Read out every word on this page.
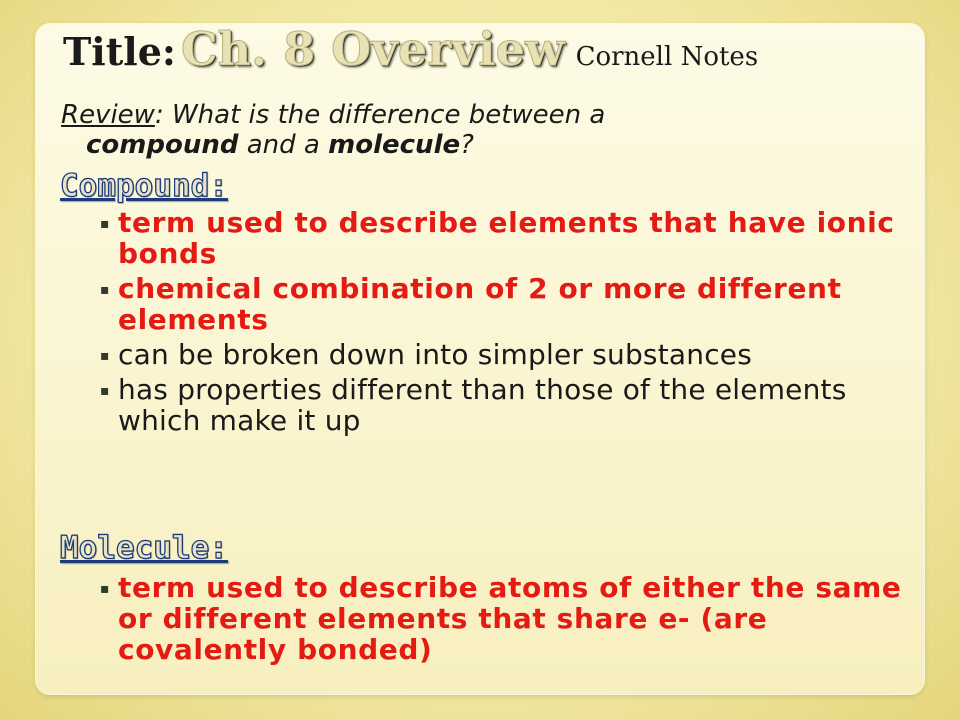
Title: Ch. 8 Overview Cornell Notes
Review: What is the difference between a
compound and a molecule?
Compound:
▪ term used to describe elements that have ionic bonds
▪ chemical combination of 2 or more different elements
▪ can be broken down into simpler substances
▪ has properties different than those of the elements which make it up
Molecule:
▪ term used to describe atoms of either the same or different elements that share e- (are covalently bonded)
